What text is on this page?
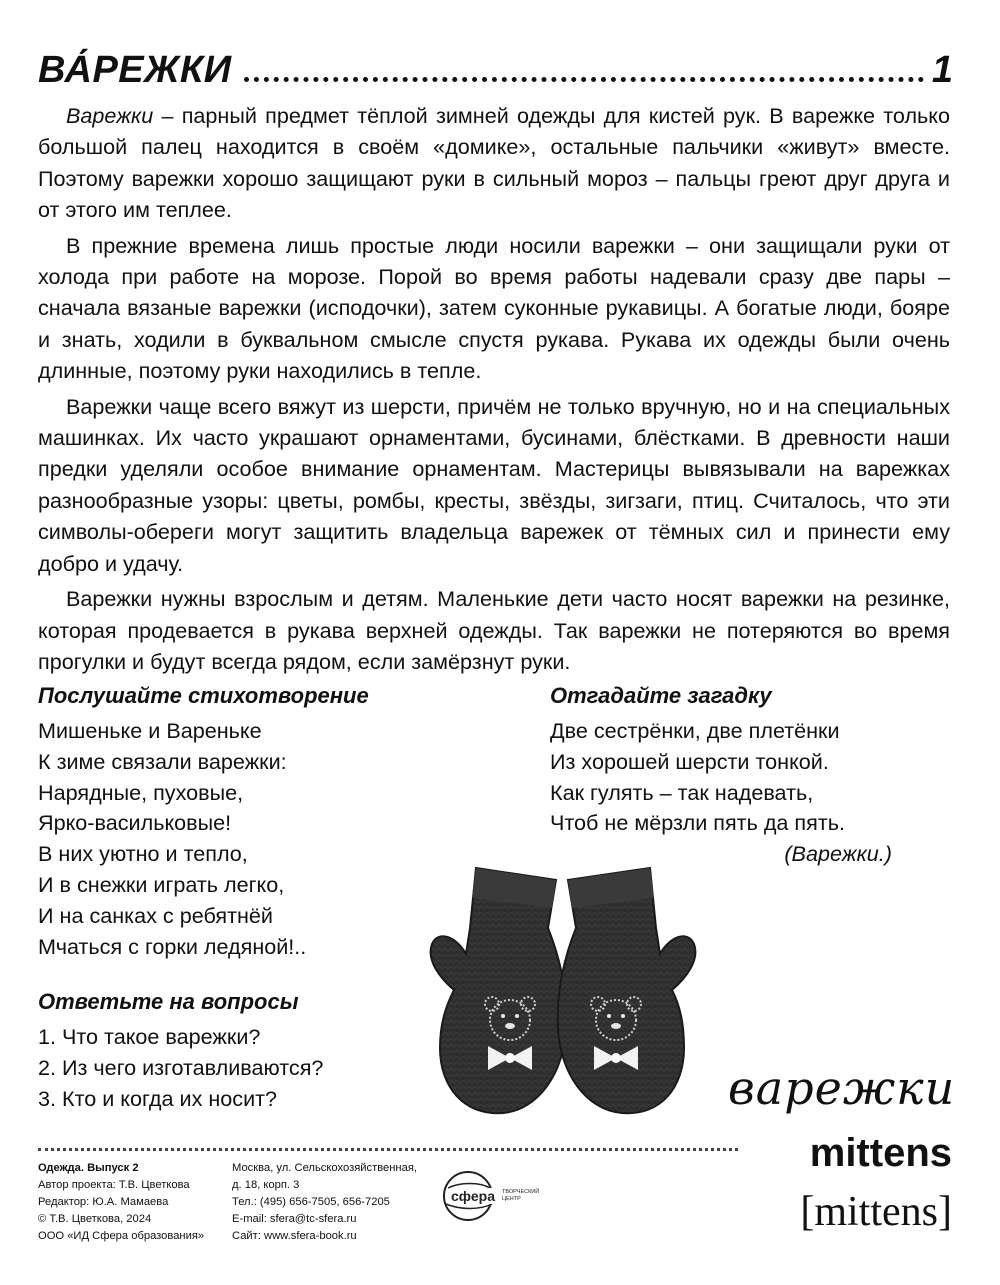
ВА́РЕЖКИ	1

Варежки – парный предмет тёплой зимней одежды для кистей рук. В варежке только большой палец находится в своём «домике», остальные пальчики «живут» вместе. Поэтому варежки хорошо защищают руки в сильный мороз – пальцы греют друг друга и от этого им теплее.

В прежние времена лишь простые люди носили варежки – они защищали руки от холода при работе на морозе. Порой во время работы надевали сразу две пары – сначала вязаные варежки (исподочки), затем суконные рукавицы. А богатые люди, бояре и знать, ходили в буквальном смысле спустя рукава. Рукава их одежды были очень длинные, поэтому руки находились в тепле.

Варежки чаще всего вяжут из шерсти, причём не только вручную, но и на специальных машинках. Их часто украшают орнаментами, бусинами, блёстками. В древности наши предки уделяли особое внимание орнаментам. Мастерицы вывязывали на варежках разнообразные узоры: цветы, ромбы, кресты, звёзды, зигзаги, птиц. Считалось, что эти символы-обереги могут защитить владельца варежек от тёмных сил и принести ему добро и удачу.

Варежки нужны взрослым и детям. Маленькие дети часто носят варежки на резинке, которая продевается в рукава верхней одежды. Так варежки не потеряются во время прогулки и будут всегда рядом, если замёрзнут руки.

Послушайте стихотворение
Мишеньке и Вареньке
К зиме связали варежки:
Нарядные, пуховые,
Ярко-васильковые!
В них уютно и тепло,
И в снежки играть легко,
И на санках с ребятнёй
Мчаться с горки ледяной!..
Отгадайте загадку
Две сестрёнки, две плетёнки
Из хорошей шерсти тонкой.
Как гулять – так надевать,
Чтоб не мёрзли пять да пять.
(Варежки.)
Ответьте на вопросы
1. Что такое варежки?
2. Из чего изготавливаются?
3. Кто и когда их носит?	варежки
mittens
[mittens]
Одежда. Выпуск 2
Автор проекта: Т.В. Цветкова
Редактор: Ю.А. Мамаева
© Т.В. Цветкова, 2024
ООО «ИД Сфера образования»
Москва, ул. Сельскохозяйственная,
д. 18, корп. 3
Тел.: (495) 656-7505, 656-7205
E-mail: sfera@tc-sfera.ru
Сайт: www.sfera-book.ru
сфера ТВОРЧЕСКИЙ
ЦЕНТР
